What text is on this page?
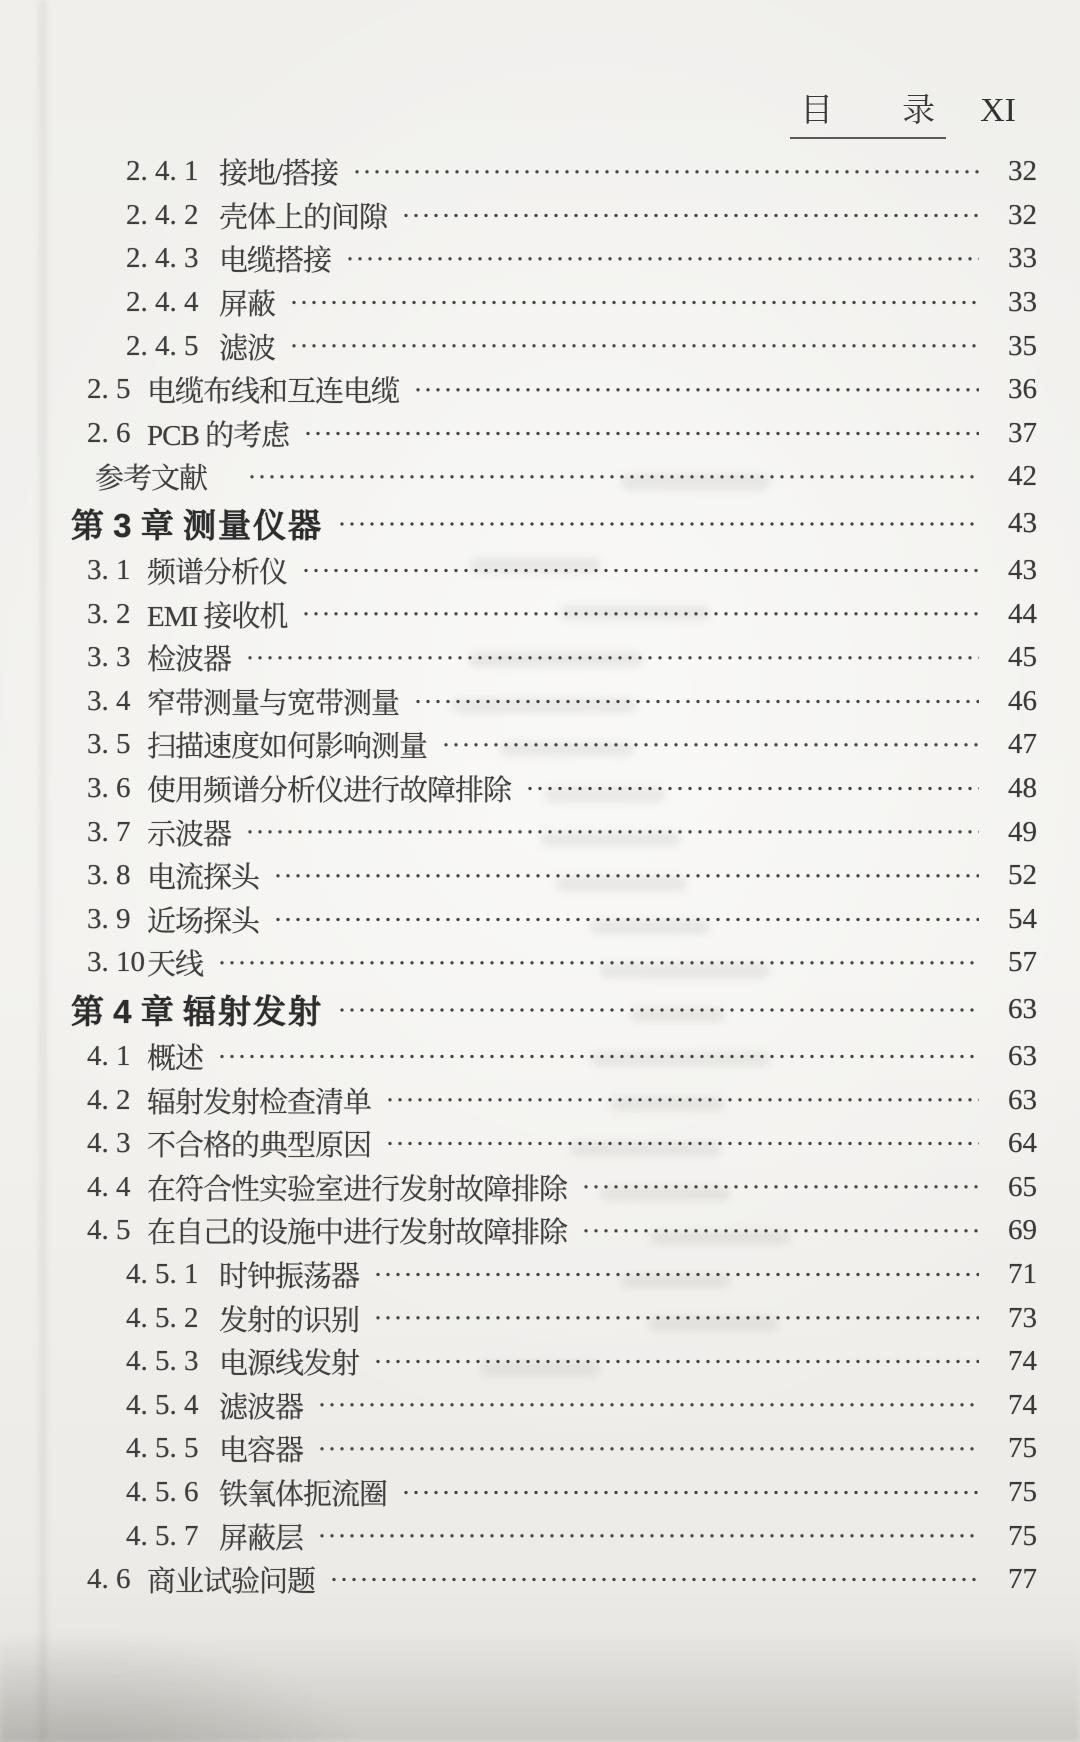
目　　录 XI
2. 4. 1 接地/搭接	32
2. 4. 2 壳体上的间隙	32
2. 4. 3 电缆搭接	33
2. 4. 4 屏蔽	33
2. 4. 5 滤波	35
2. 5 电缆布线和互连电缆	36
2. 6 PCB 的考虑	37
参考文献	42
第 3 章 测量仪器	43
3. 1 频谱分析仪	43
3. 2 EMI 接收机	44
3. 3 检波器	45
3. 4 窄带测量与宽带测量	46
3. 5 扫描速度如何影响测量	47
3. 6 使用频谱分析仪进行故障排除	48
3. 7 示波器	49
3. 8 电流探头	52
3. 9 近场探头	54
3. 10 天线	57
第 4 章 辐射发射	63
4. 1 概述	63
4. 2 辐射发射检查清单	63
4. 3 不合格的典型原因	64
4. 4 在符合性实验室进行发射故障排除	65
4. 5 在自己的设施中进行发射故障排除	69
4. 5. 1 时钟振荡器	71
4. 5. 2 发射的识别	73
4. 5. 3 电源线发射	74
4. 5. 4 滤波器	74
4. 5. 5 电容器	75
4. 5. 6 铁氧体扼流圈	75
4. 5. 7 屏蔽层	75
4. 6 商业试验问题	77
